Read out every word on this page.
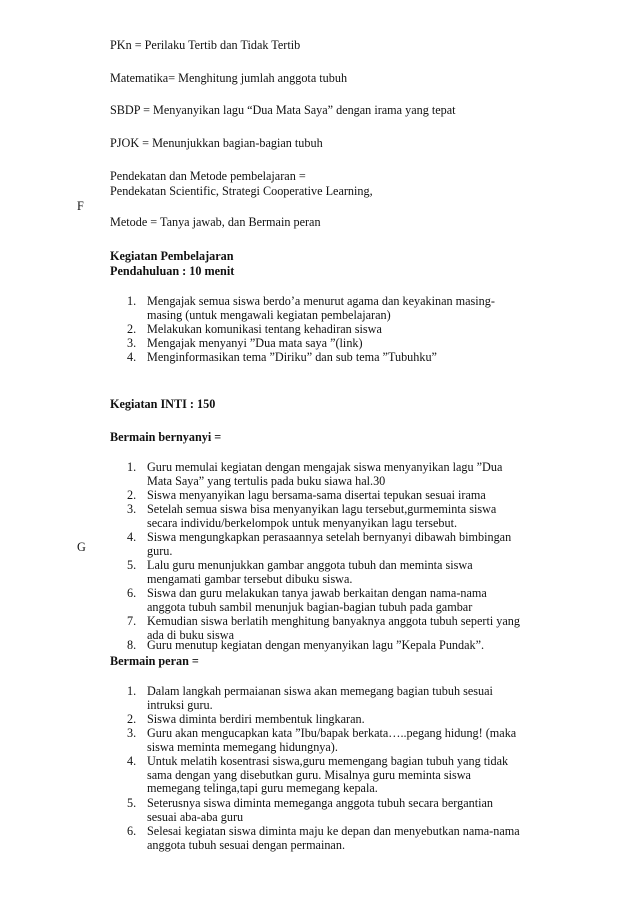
F
G
PKn = Perilaku Tertib dan Tidak Tertib
Matematika= Menghitung jumlah anggota tubuh
SBDP = Menyanyikan lagu “Dua Mata Saya” dengan irama yang tepat
PJOK = Menunjukkan bagian-bagian tubuh
Pendekatan dan Metode pembelajaran =
Pendekatan Scientific, Strategi Cooperative Learning,
Metode = Tanya jawab, dan Bermain peran
Kegiatan Pembelajaran
Pendahuluan : 10 menit
1. Mengajak semua siswa berdo’a menurut agama dan keyakinan masing-
masing (untuk mengawali kegiatan pembelajaran)
2. Melakukan komunikasi tentang kehadiran siswa
3. Mengajak menyanyi ”Dua mata saya ”(link)
4. Menginformasikan tema ”Diriku” dan sub tema ”Tubuhku”
Kegiatan INTI : 150
Bermain bernyanyi =
1. Guru memulai kegiatan dengan mengajak siswa menyanyikan lagu ”Dua
Mata Saya” yang tertulis pada buku siawa hal.30
2. Siswa menyanyikan lagu bersama-sama disertai tepukan sesuai irama
3. Setelah semua siswa bisa menyanyikan lagu tersebut,gurmeminta siswa
secara individu/berkelompok untuk menyanyikan lagu tersebut.
4. Siswa mengungkapkan perasaannya setelah bernyanyi dibawah bimbingan
guru.
5. Lalu guru menunjukkan gambar anggota tubuh dan meminta siswa
mengamati gambar tersebut dibuku siswa.
6. Siswa dan guru melakukan tanya jawab berkaitan dengan nama-nama
anggota tubuh sambil menunjuk bagian-bagian tubuh pada gambar
7. Kemudian siswa berlatih menghitung banyaknya anggota tubuh seperti yang
ada di buku siswa
8. Guru menutup kegiatan dengan menyanyikan lagu ”Kepala Pundak”.
Bermain peran =
1. Dalam langkah permaianan siswa akan memegang bagian tubuh sesuai
intruksi guru.
2. Siswa diminta berdiri membentuk lingkaran.
3. Guru akan mengucapkan kata ”Ibu/bapak berkata…..pegang hidung! (maka
siswa meminta memegang hidungnya).
4. Untuk melatih kosentrasi siswa,guru memengang bagian tubuh yang tidak
sama dengan yang disebutkan guru. Misalnya guru meminta siswa
memegang telinga,tapi guru memegang kepala.
5. Seterusnya siswa diminta memeganga anggota tubuh secara bergantian
sesuai aba-aba guru
6. Selesai kegiatan siswa diminta maju ke depan dan menyebutkan nama-nama
anggota tubuh sesuai dengan permainan.
